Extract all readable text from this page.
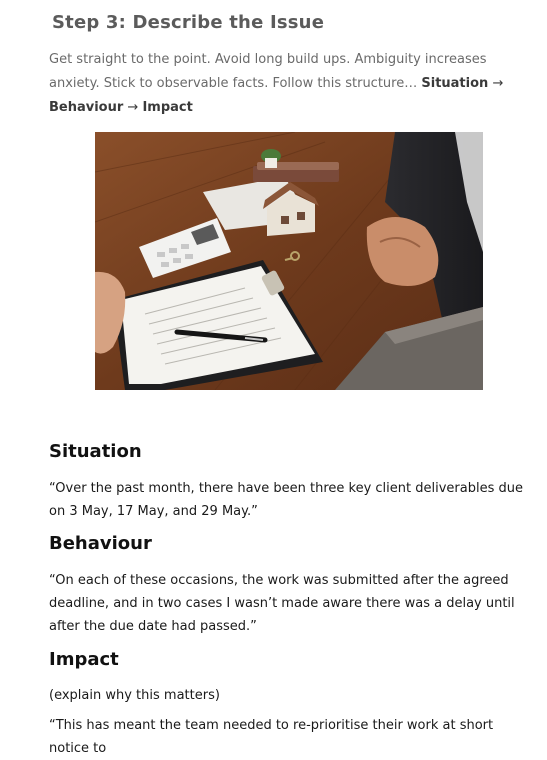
Step 3: Describe the Issue

Get straight to the point. Avoid long build ups. Ambiguity increases anxiety. Stick to observable facts. Follow this structure… Situation → Behaviour → Impact

Situation

“Over the past month, there have been three key client deliverables due on 3 May, 17 May, and 29 May.”

Behaviour

“On each of these occasions, the work was submitted after the agreed deadline, and in two cases I wasn’t made aware there was a delay until after the due date had passed.”

Impact

(explain why this matters)

“This has meant the team needed to re-prioritise their work at short notice to
